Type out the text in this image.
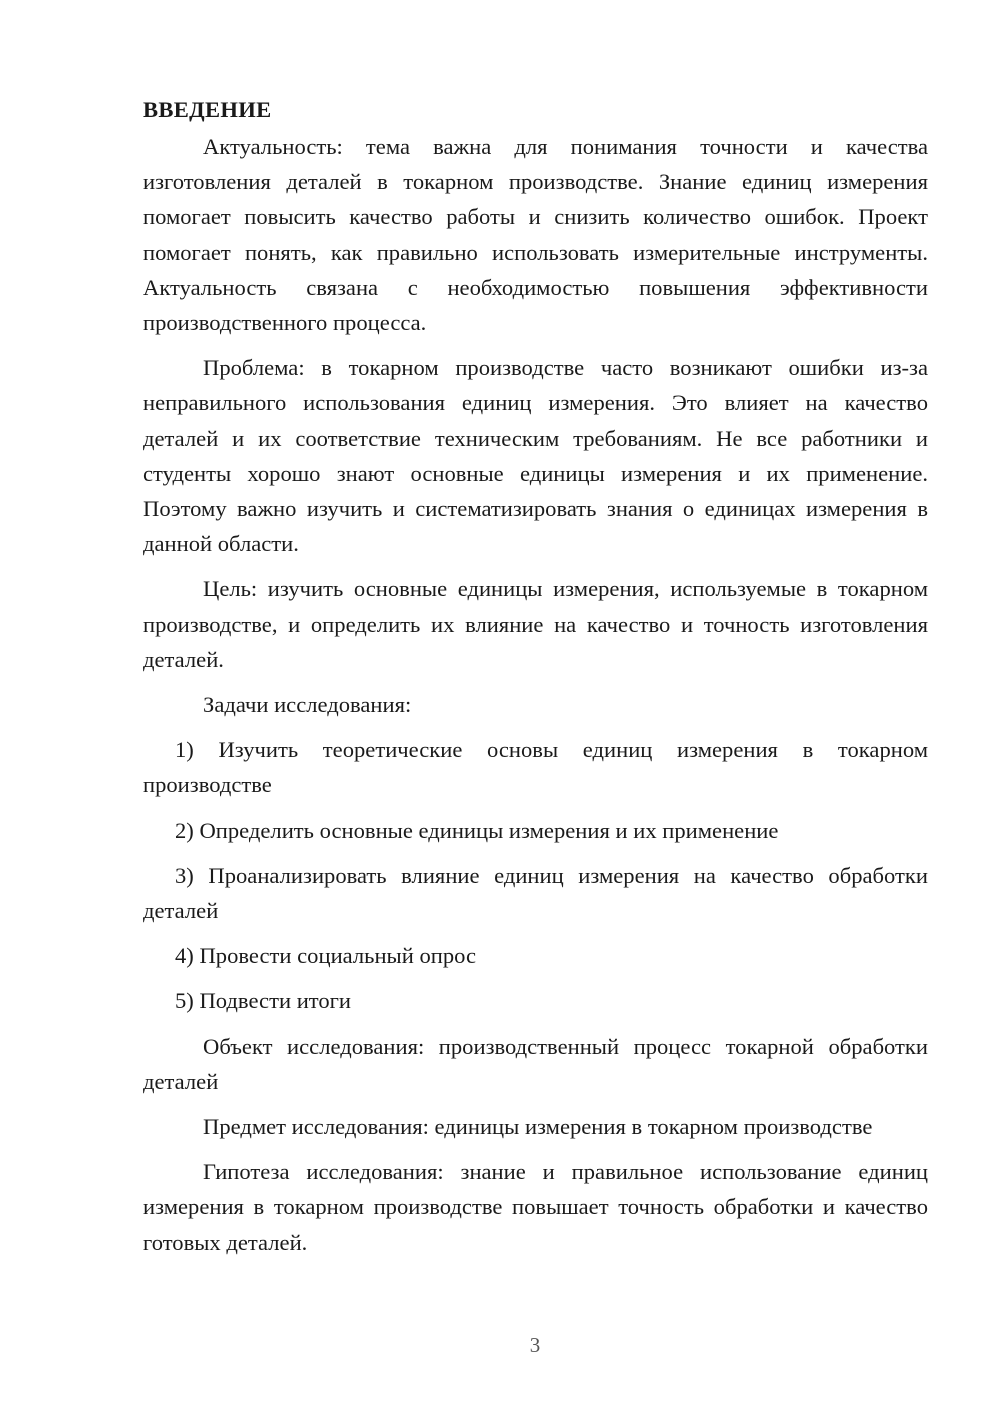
ВВЕДЕНИЕ

Актуальность: тема важна для понимания точности и качества изготовления деталей в токарном производстве. Знание единиц измерения помогает повысить качество работы и снизить количество ошибок. Проект помогает понять, как правильно использовать измерительные инструменты. Актуальность связана с необходимостью повышения эффективности производственного процесса.

Проблема: в токарном производстве часто возникают ошибки из-за неправильного использования единиц измерения. Это влияет на качество деталей и их соответствие техническим требованиям. Не все работники и студенты хорошо знают основные единицы измерения и их применение. Поэтому важно изучить и систематизировать знания о единицах измерения в данной области.

Цель: изучить основные единицы измерения, используемые в токарном производстве, и определить их влияние на качество и точность изготовления деталей.

Задачи исследования:

1) Изучить теоретические основы единиц измерения в токарном производстве

2) Определить основные единицы измерения и их применение

3) Проанализировать влияние единиц измерения на качество обработки деталей

4) Провести социальный опрос

5) Подвести итоги

Объект исследования: производственный процесс токарной обработки деталей

Предмет исследования: единицы измерения в токарном производстве

Гипотеза исследования: знание и правильное использование единиц измерения в токарном производстве повышает точность обработки и качество готовых деталей.

3
